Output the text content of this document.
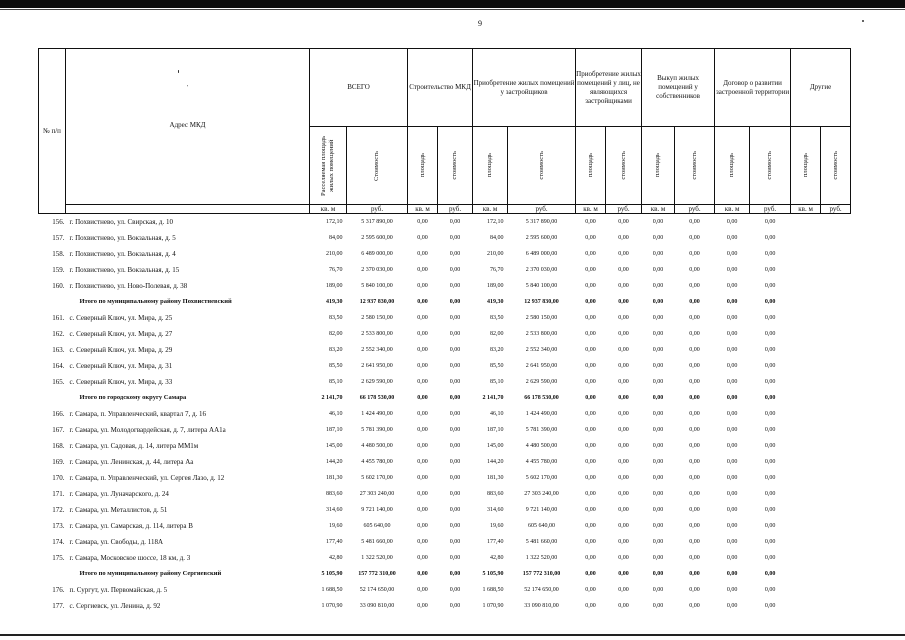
9
№ п/п	'
Адрес МКД	ВСЕГО		Строительство МКД		Приобретение жилых помещений у застройщиков		Приобретение жилых помещений у лиц, не являющихся застройщиками		Выкуп жилых помещений у собственников		Договор о развитии застроенной территории		Другие	

		Расселяемая площадь жилых помещений	Стоимость	площадь	стоимость	площадь	стоимость	площадь	стоимость	площадь	стоимость	площадь	стоимость	площадь	стоимость

		кв. м	руб.	кв. м	руб.	кв. м	руб.	кв. м	руб.	кв. м	руб.	кв. м	руб.	кв. м	руб.
156.	г. Похвистнево, ул. Свирская, д. 10	172,10	5 317 890,00	0,00	0,00	172,10	5 317 890,00	0,00	0,00	0,00	0,00	0,00	0,00		
157.	г. Похвистнево, ул. Вокзальная, д. 5	84,00	2 595 600,00	0,00	0,00	84,00	2 595 600,00	0,00	0,00	0,00	0,00	0,00	0,00		
158.	г. Похвистнево, ул. Вокзальная, д. 4	210,00	6 489 000,00	0,00	0,00	210,00	6 489 000,00	0,00	0,00	0,00	0,00	0,00	0,00		
159.	г. Похвистнево, ул. Вокзальная, д. 15	76,70	2 370 030,00	0,00	0,00	76,70	2 370 030,00	0,00	0,00	0,00	0,00	0,00	0,00		
160.	г. Похвистнево, ул. Ново-Полевая, д. 38	189,00	5 840 100,00	0,00	0,00	189,00	5 840 100,00	0,00	0,00	0,00	0,00	0,00	0,00		
	Итого по муниципальному району Похвистневский	419,30	12 937 830,00	0,00	0,00	419,30	12 937 830,00	0,00	0,00	0,00	0,00	0,00	0,00		
161.	с. Северный Ключ, ул. Мира, д. 25	83,50	2 580 150,00	0,00	0,00	83,50	2 580 150,00	0,00	0,00	0,00	0,00	0,00	0,00		
162.	с. Северный Ключ, ул. Мира, д. 27	82,00	2 533 800,00	0,00	0,00	82,00	2 533 800,00	0,00	0,00	0,00	0,00	0,00	0,00		
163.	с. Северный Ключ, ул. Мира, д. 29	83,20	2 552 340,00	0,00	0,00	83,20	2 552 340,00	0,00	0,00	0,00	0,00	0,00	0,00		
164.	с. Северный Ключ, ул. Мира, д. 31	85,50	2 641 950,00	0,00	0,00	85,50	2 641 950,00	0,00	0,00	0,00	0,00	0,00	0,00		
165.	с. Северный Ключ, ул. Мира, д. 33	85,10	2 629 590,00	0,00	0,00	85,10	2 629 590,00	0,00	0,00	0,00	0,00	0,00	0,00		
	Итого по городскому округу Самара	2 141,70	66 178 530,00	0,00	0,00	2 141,70	66 178 530,00	0,00	0,00	0,00	0,00	0,00	0,00		
166.	г. Самара, п. Управленческий, квартал 7, д. 16	46,10	1 424 490,00	0,00	0,00	46,10	1 424 490,00	0,00	0,00	0,00	0,00	0,00	0,00		
167.	г. Самара, ул. Молодогвардейская, д. 7, литера АА1а	187,10	5 781 390,00	0,00	0,00	187,10	5 781 390,00	0,00	0,00	0,00	0,00	0,00	0,00		
168.	г. Самара, ул. Садовая, д. 14, литера ММ1м	145,00	4 480 500,00	0,00	0,00	145,00	4 480 500,00	0,00	0,00	0,00	0,00	0,00	0,00		
169.	г. Самара, ул. Ленинская, д. 44, литера Аа	144,20	4 455 780,00	0,00	0,00	144,20	4 455 780,00	0,00	0,00	0,00	0,00	0,00	0,00		
170.	г. Самара, п. Управленческий, ул. Сергея Лазо, д. 12	181,30	5 602 170,00	0,00	0,00	181,30	5 602 170,00	0,00	0,00	0,00	0,00	0,00	0,00		
171.	г. Самара, ул. Луначарского, д. 24	883,60	27 303 240,00	0,00	0,00	883,60	27 303 240,00	0,00	0,00	0,00	0,00	0,00	0,00		
172.	г. Самара, ул. Металлистов, д. 51	314,60	9 721 140,00	0,00	0,00	314,60	9 721 140,00	0,00	0,00	0,00	0,00	0,00	0,00		
173.	г. Самара, ул. Самарская, д. 114, литера В	19,60	605 640,00	0,00	0,00	19,60	605 640,00	0,00	0,00	0,00	0,00	0,00	0,00		
174.	г. Самара, ул. Свободы, д. 118А	177,40	5 481 660,00	0,00	0,00	177,40	5 481 660,00	0,00	0,00	0,00	0,00	0,00	0,00		
175.	г. Самара, Московское шоссе, 18 км, д. 3	42,80	1 322 520,00	0,00	0,00	42,80	1 322 520,00	0,00	0,00	0,00	0,00	0,00	0,00		
	Итого по муниципальному району Сергиевский	5 105,90	157 772 310,00	0,00	0,00	5 105,90	157 772 310,00	0,00	0,00	0,00	0,00	0,00	0,00		
176.	п. Сургут, ул. Первомайская, д. 5	1 688,50	52 174 650,00	0,00	0,00	1 688,50	52 174 650,00	0,00	0,00	0,00	0,00	0,00	0,00		
177.	с. Сергиевск, ул. Ленина, д. 92	1 070,90	33 090 810,00	0,00	0,00	1 070,90	33 090 810,00	0,00	0,00	0,00	0,00	0,00	0,00		
